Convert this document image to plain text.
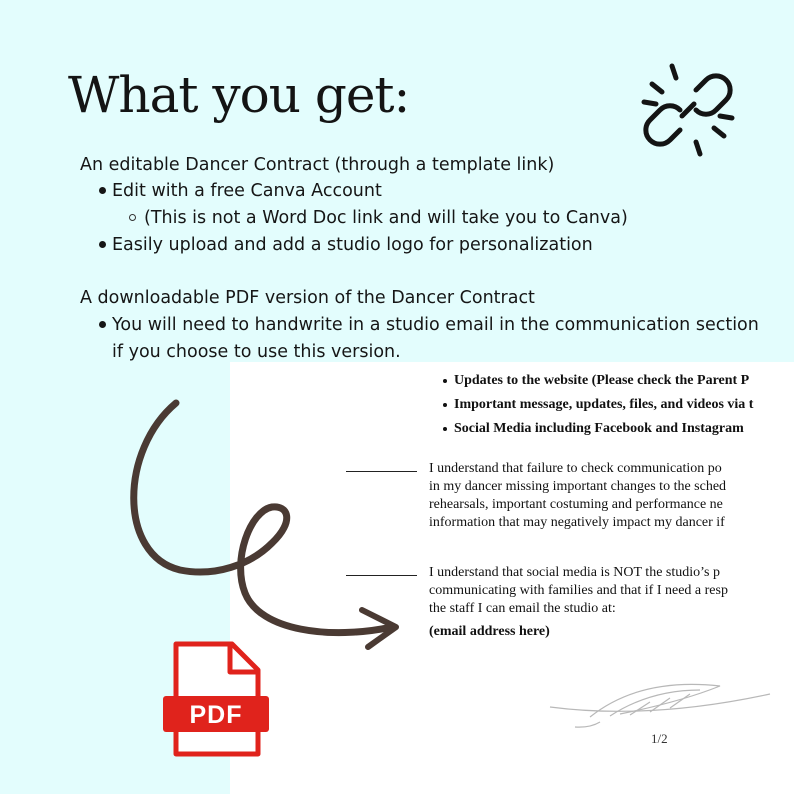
What you get:
An editable Dancer Contract (through a template link)
Edit with a free Canva Account
(This is not a Word Doc link and will take you to Canva)
Easily upload and add a studio logo for personalization
A downloadable PDF version of the Dancer Contract
You will need to handwrite in a studio email in the communication section
if you choose to use this version.
Updates to the website (Please check the Parent P
Important message, updates, files, and videos via t
Social Media including Facebook and Instagram
I understand that failure to check communication po
in my dancer missing important changes to the sched
rehearsals, important costuming and performance ne
information that may negatively impact my dancer if
I understand that social media is NOT the studio’s p
communicating with families and that if I need a resp
the staff I can email the studio at:
(email address here)
1/2
PDF
